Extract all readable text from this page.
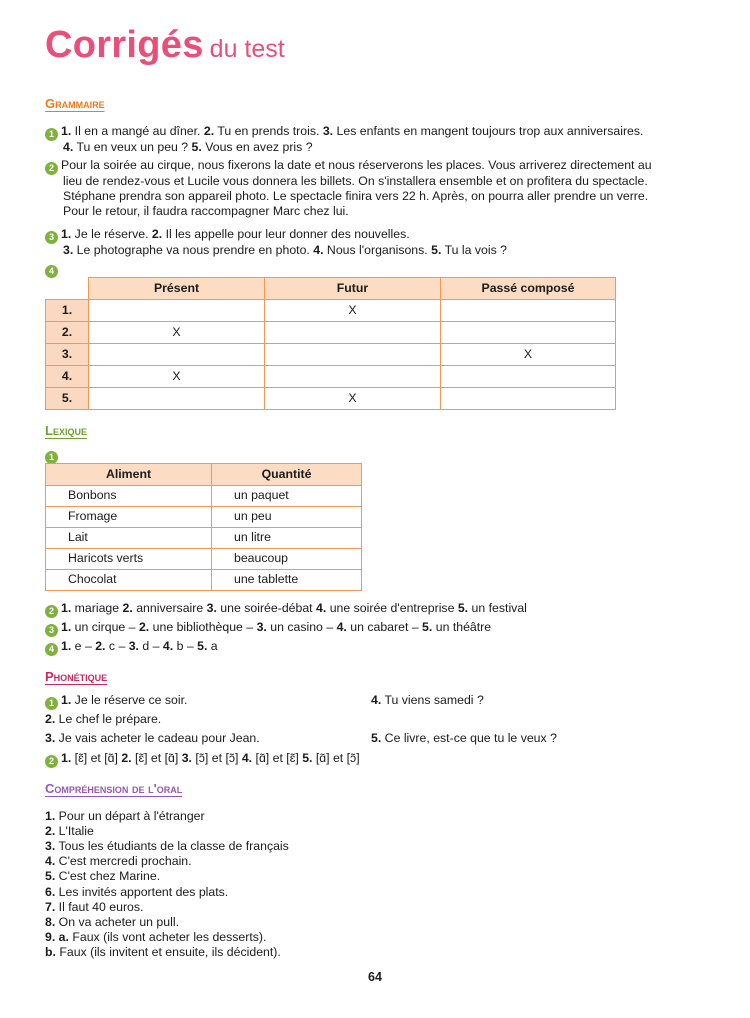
Corrigés du test
Grammaire
1 1. Il en a mangé au dîner. 2. Tu en prends trois. 3. Les enfants en mangent toujours trop aux anniversaires.
4. Tu en veux un peu ? 5. Vous en avez pris ?
2 Pour la soirée au cirque, nous fixerons la date et nous réserverons les places. Vous arriverez directement au
lieu de rendez-vous et Lucile vous donnera les billets. On s'installera ensemble et on profitera du spectacle.
Stéphane prendra son appareil photo. Le spectacle finira vers 22 h. Après, on pourra aller prendre un verre.
Pour le retour, il faudra raccompagner Marc chez lui.
3 1. Je le réserve. 2. Il les appelle pour leur donner des nouvelles.
3. Le photographe va nous prendre en photo. 4. Nous l'organisons. 5. Tu la vois ?
4
	Présent	Futur	Passé composé
1.		X	
2.	X		
3.			X
4.	X		
5.		X	
Lexique
1
Aliment	Quantité
Bonbons	un paquet
Fromage	un peu
Lait	un litre
Haricots verts	beaucoup
Chocolat	une tablette
2 1. mariage 2. anniversaire 3. une soirée-débat 4. une soirée d'entreprise 5. un festival
3 1. un cirque – 2. une bibliothèque – 3. un casino – 4. un cabaret – 5. un théâtre
4 1. e – 2. c – 3. d – 4. b – 5. a
Phonétique
1 1. Je le réserve ce soir.	4. Tu viens samedi ?
2. Le chef le prépare.
3. Je vais acheter le cadeau pour Jean.	5. Ce livre, est-ce que tu le veux ?
2 1. [ɛ̃] et [ɑ̃] 2. [ɛ̃] et [ɑ̃] 3. [ɔ̃] et [ɔ̃] 4. [ɑ̃] et [ɛ̃] 5. [ɑ̃] et [ɔ̃]
Compréhension de l'oral
1. Pour un départ à l'étranger
2. L'Italie
3. Tous les étudiants de la classe de français
4. C'est mercredi prochain.
5. C'est chez Marine.
6. Les invités apportent des plats.
7. Il faut 40 euros.
8. On va acheter un pull.
9. a. Faux (ils vont acheter les desserts).
b. Faux (ils invitent et ensuite, ils décident).
64
